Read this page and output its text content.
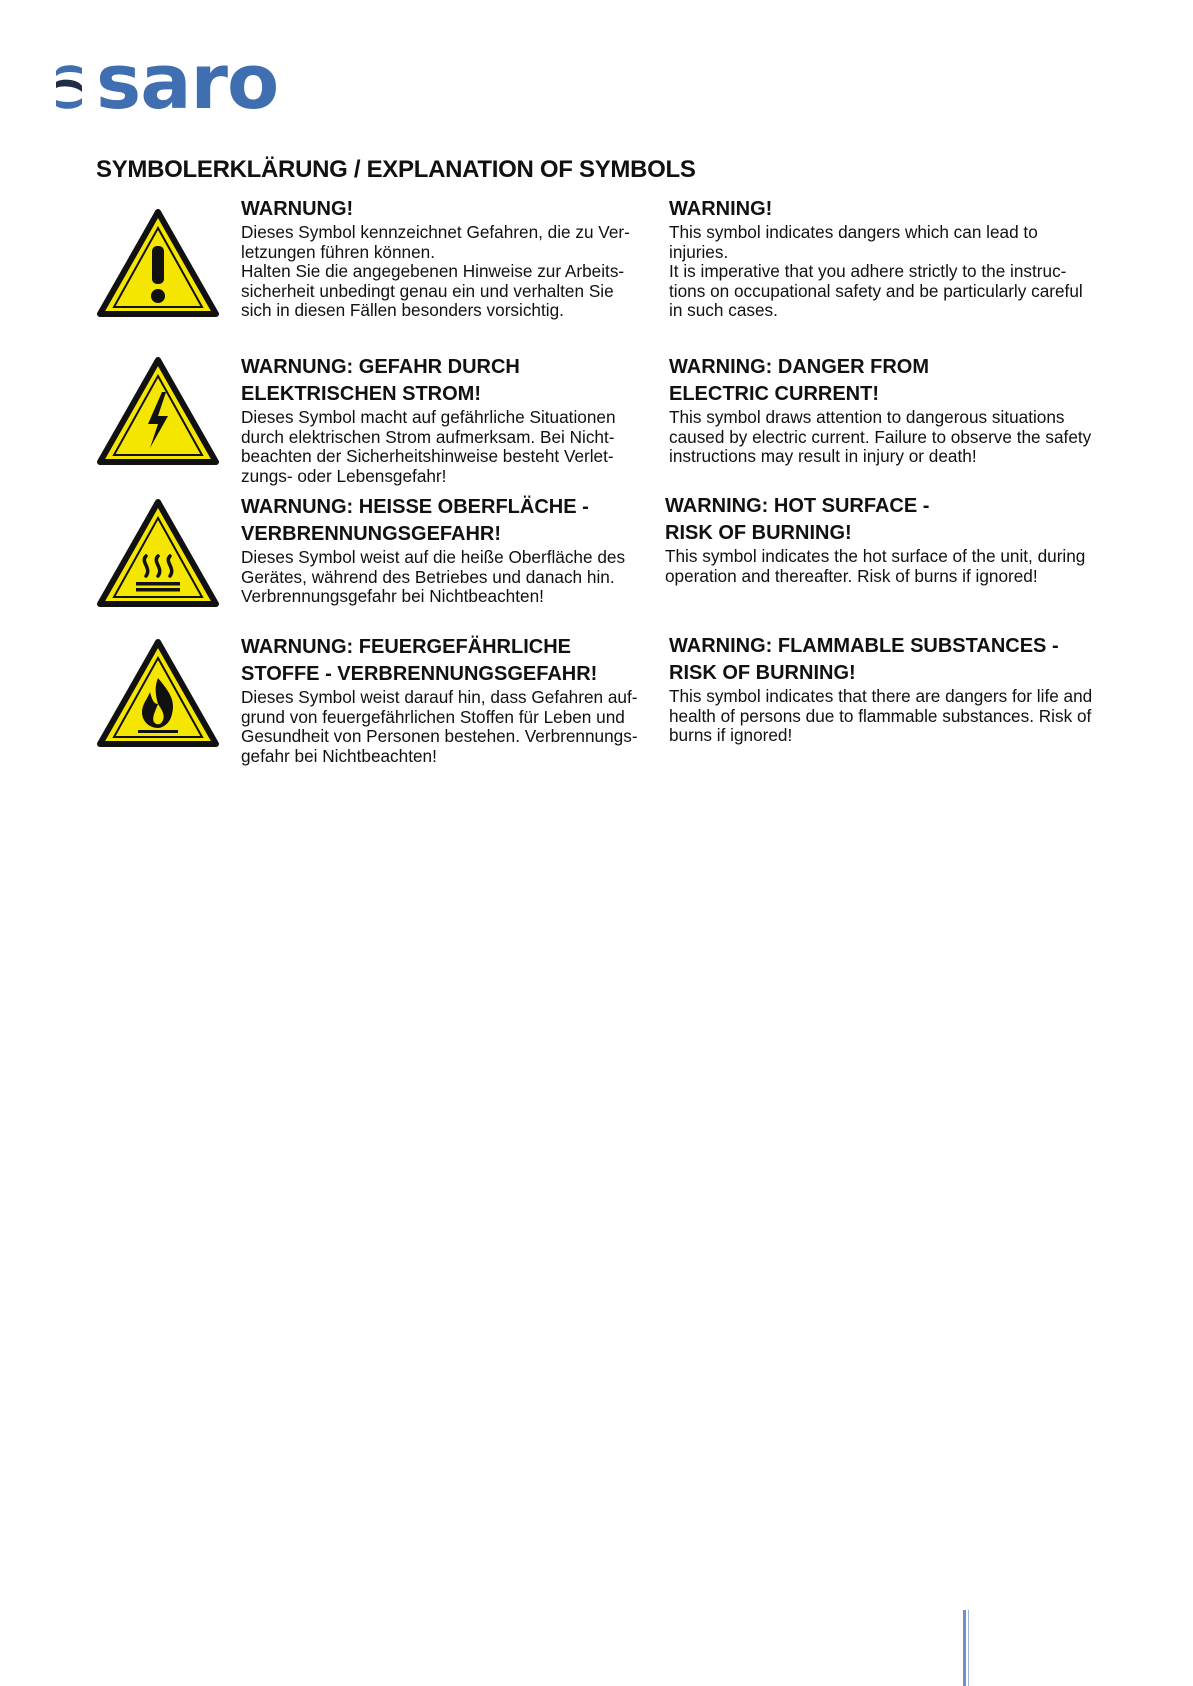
saro
SYMBOLERKLÄRUNG / EXPLANATION OF SYMBOLS
WARNUNG!

Dieses Symbol kennzeichnet Gefahren, die zu Ver-

letzungen führen können.

Halten Sie die angegebenen Hinweise zur Arbeits-

sicherheit unbedingt genau ein und verhalten Sie

sich in diesen Fällen besonders vorsichtig.

WARNING!

This symbol indicates dangers which can lead to

injuries.

It is imperative that you adhere strictly to the instruc-

tions on occupational safety and be particularly careful

in such cases.

WARNUNG: GEFAHR DURCH
ELEKTRISCHEN STROM!

Dieses Symbol macht auf gefährliche Situationen

durch elektrischen Strom aufmerksam. Bei Nicht-

beachten der Sicherheitshinweise besteht Verlet-

zungs- oder Lebensgefahr!

WARNING: DANGER FROM
ELECTRIC CURRENT!

This symbol draws attention to dangerous situations

caused by electric current. Failure to observe the safety

instructions may result in injury or death!

WARNUNG: HEISSE OBERFLÄCHE -
VERBRENNUNGSGEFAHR!

Dieses Symbol weist auf die heiße Oberfläche des

Gerätes, während des Betriebes und danach hin.

Verbrennungsgefahr bei Nichtbeachten!

WARNING: HOT SURFACE -
RISK OF BURNING!

This symbol indicates the hot surface of the unit, during

operation and thereafter. Risk of burns if ignored!

WARNUNG: FEUERGEFÄHRLICHE
STOFFE - VERBRENNUNGSGEFAHR!

Dieses Symbol weist darauf hin, dass Gefahren auf-

grund von feuergefährlichen Stoffen für Leben und

Gesundheit von Personen bestehen. Verbrennungs-

gefahr bei Nichtbeachten!

WARNING: FLAMMABLE SUBSTANCES -
RISK OF BURNING!

This symbol indicates that there are dangers for life and

health of persons due to flammable substances. Risk of

burns if ignored!
